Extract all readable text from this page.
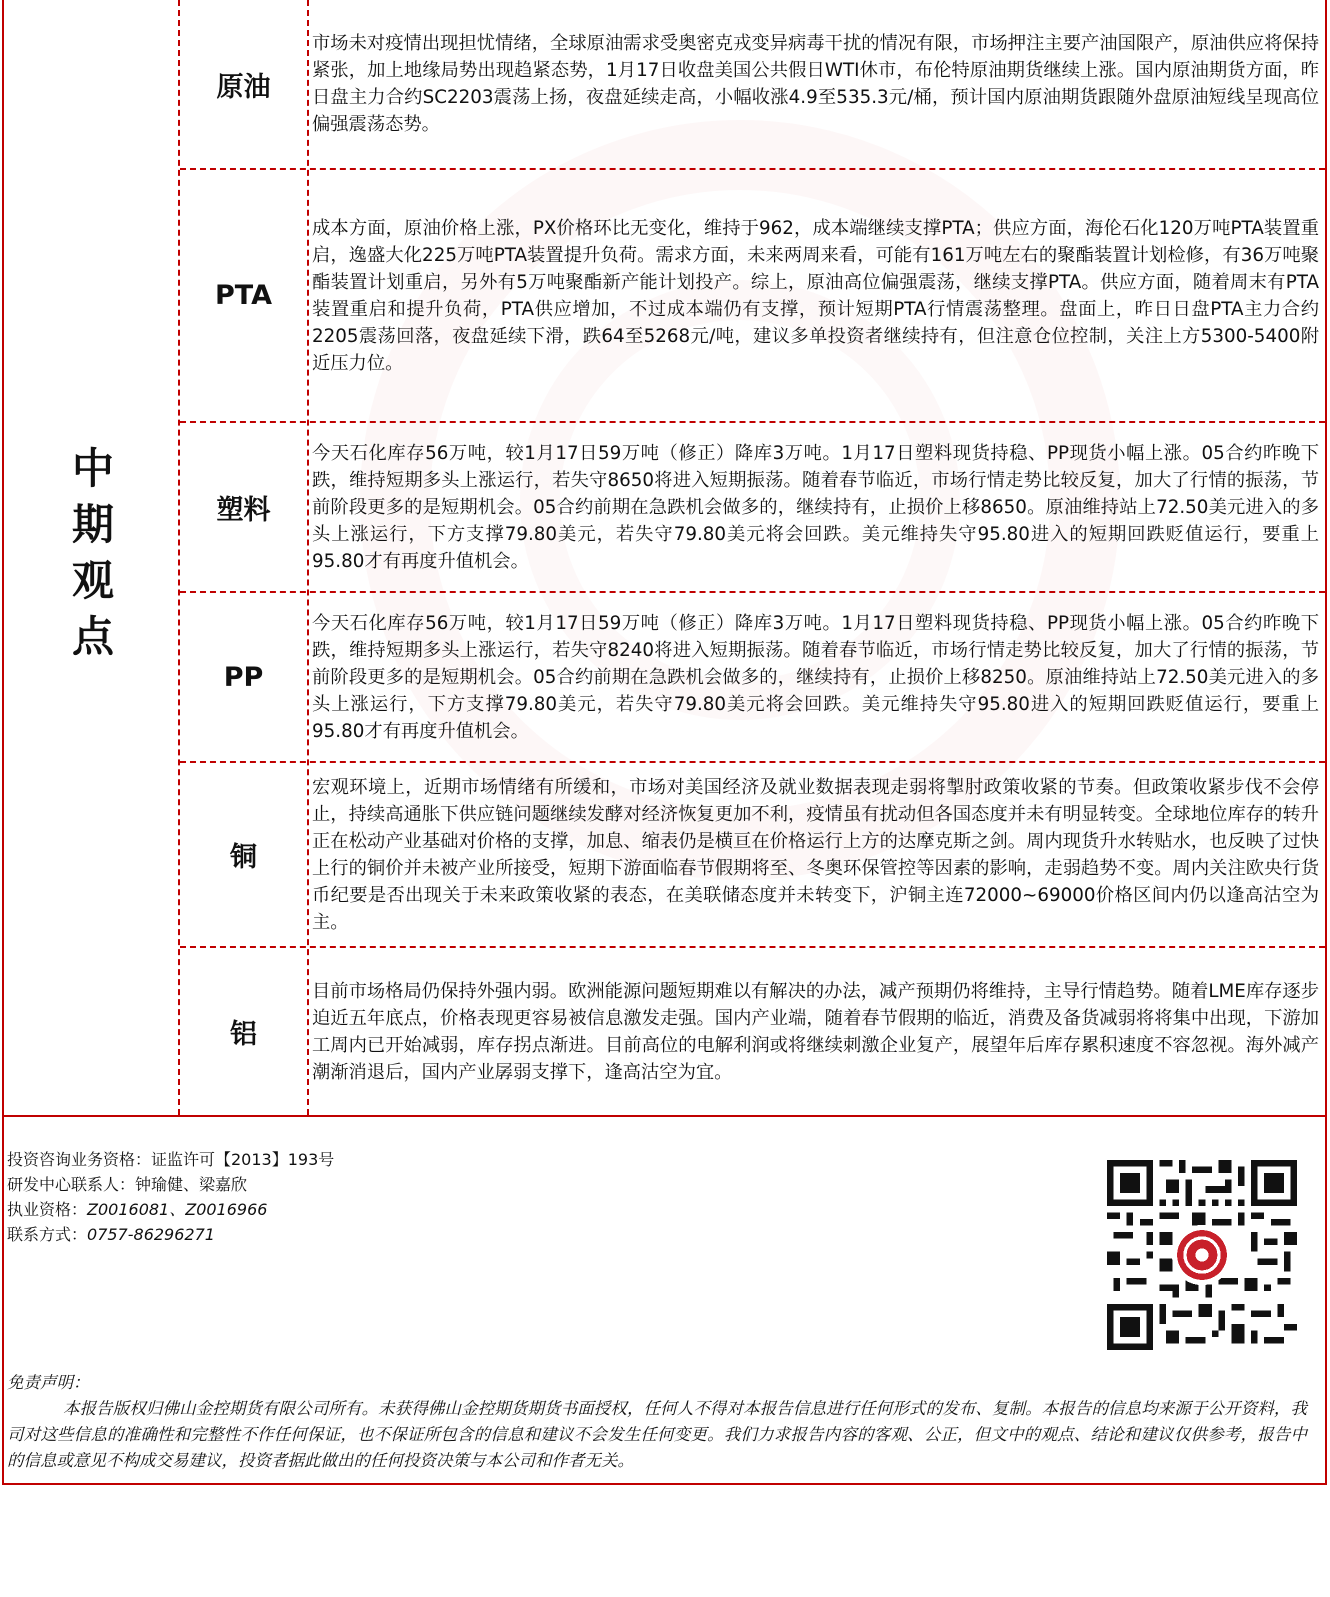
中期观点
原油
市场未对疫情出现担忧情绪，全球原油需求受奥密克戎变异病毒干扰的情况有限，市场押注主要产油国限产，原油供应将保持紧张，加上地缘局势出现趋紧态势，1月17日收盘美国公共假日WTI休市，布伦特原油期货继续上涨。国内原油期货方面，昨日盘主力合约SC2203震荡上扬，夜盘延续走高，小幅收涨4.9至535.3元/桶，预计国内原油期货跟随外盘原油短线呈现高位偏强震荡态势。
PTA
成本方面，原油价格上涨，PX价格环比无变化，维持于962，成本端继续支撑PTA；供应方面，海伦石化120万吨PTA装置重启，逸盛大化225万吨PTA装置提升负荷。需求方面，未来两周来看，可能有161万吨左右的聚酯装置计划检修，有36万吨聚酯装置计划重启，另外有5万吨聚酯新产能计划投产。综上，原油高位偏强震荡，继续支撑PTA。供应方面，随着周末有PTA装置重启和提升负荷，PTA供应增加，不过成本端仍有支撑，预计短期PTA行情震荡整理。盘面上，昨日日盘PTA主力合约2205震荡回落，夜盘延续下滑，跌64至5268元/吨，建议多单投资者继续持有，但注意仓位控制，关注上方5300-5400附近压力位。
塑料
今天石化库存56万吨，较1月17日59万吨（修正）降库3万吨。1月17日塑料现货持稳、PP现货小幅上涨。05合约昨晚下跌，维持短期多头上涨运行，若失守8650将进入短期振荡。随着春节临近，市场行情走势比较反复，加大了行情的振荡，节前阶段更多的是短期机会。05合约前期在急跌机会做多的，继续持有，止损价上移8650。原油维持站上72.50美元进入的多头上涨运行，下方支撑79.80美元，若失守79.80美元将会回跌。美元维持失守95.80进入的短期回跌贬值运行，要重上95.80才有再度升值机会。
PP
今天石化库存56万吨，较1月17日59万吨（修正）降库3万吨。1月17日塑料现货持稳、PP现货小幅上涨。05合约昨晚下跌，维持短期多头上涨运行，若失守8240将进入短期振荡。随着春节临近，市场行情走势比较反复，加大了行情的振荡，节前阶段更多的是短期机会。05合约前期在急跌机会做多的，继续持有，止损价上移8250。原油维持站上72.50美元进入的多头上涨运行，下方支撑79.80美元，若失守79.80美元将会回跌。美元维持失守95.80进入的短期回跌贬值运行，要重上95.80才有再度升值机会。
铜
宏观环境上，近期市场情绪有所缓和，市场对美国经济及就业数据表现走弱将掣肘政策收紧的节奏。但政策收紧步伐不会停止，持续高通胀下供应链问题继续发酵对经济恢复更加不利，疫情虽有扰动但各国态度并未有明显转变。全球地位库存的转升正在松动产业基础对价格的支撑，加息、缩表仍是横亘在价格运行上方的达摩克斯之剑。周内现货升水转贴水，也反映了过快上行的铜价并未被产业所接受，短期下游面临春节假期将至、冬奥环保管控等因素的影响，走弱趋势不变。周内关注欧央行货币纪要是否出现关于未来政策收紧的表态，在美联储态度并未转变下，沪铜主连72000~69000价格区间内仍以逢高沽空为主。
铝
目前市场格局仍保持外强内弱。欧洲能源问题短期难以有解决的办法，减产预期仍将维持，主导行情趋势。随着LME库存逐步迫近五年底点，价格表现更容易被信息激发走强。国内产业端，随着春节假期的临近，消费及备货减弱将将集中出现，下游加工周内已开始减弱，库存拐点渐进。目前高位的电解利润或将继续刺激企业复产，展望年后库存累积速度不容忽视。海外减产潮渐消退后，国内产业孱弱支撑下，逢高沽空为宜。
投资咨询业务资格：证监许可【2013】193号
研发中心联系人：钟瑜健、梁嘉欣
执业资格：Z0016081、Z0016966
联系方式：0757-86296271
免责声明：
本报告版权归佛山金控期货有限公司所有。未获得佛山金控期货期货书面授权，任何人不得对本报告信息进行任何形式的发布、复制。本报告的信息均来源于公开资料，我司对这些信息的准确性和完整性不作任何保证，也不保证所包含的信息和建议不会发生任何变更。我们力求报告内容的客观、公正，但文中的观点、结论和建议仅供参考，报告中的信息或意见不构成交易建议，投资者据此做出的任何投资决策与本公司和作者无关。
